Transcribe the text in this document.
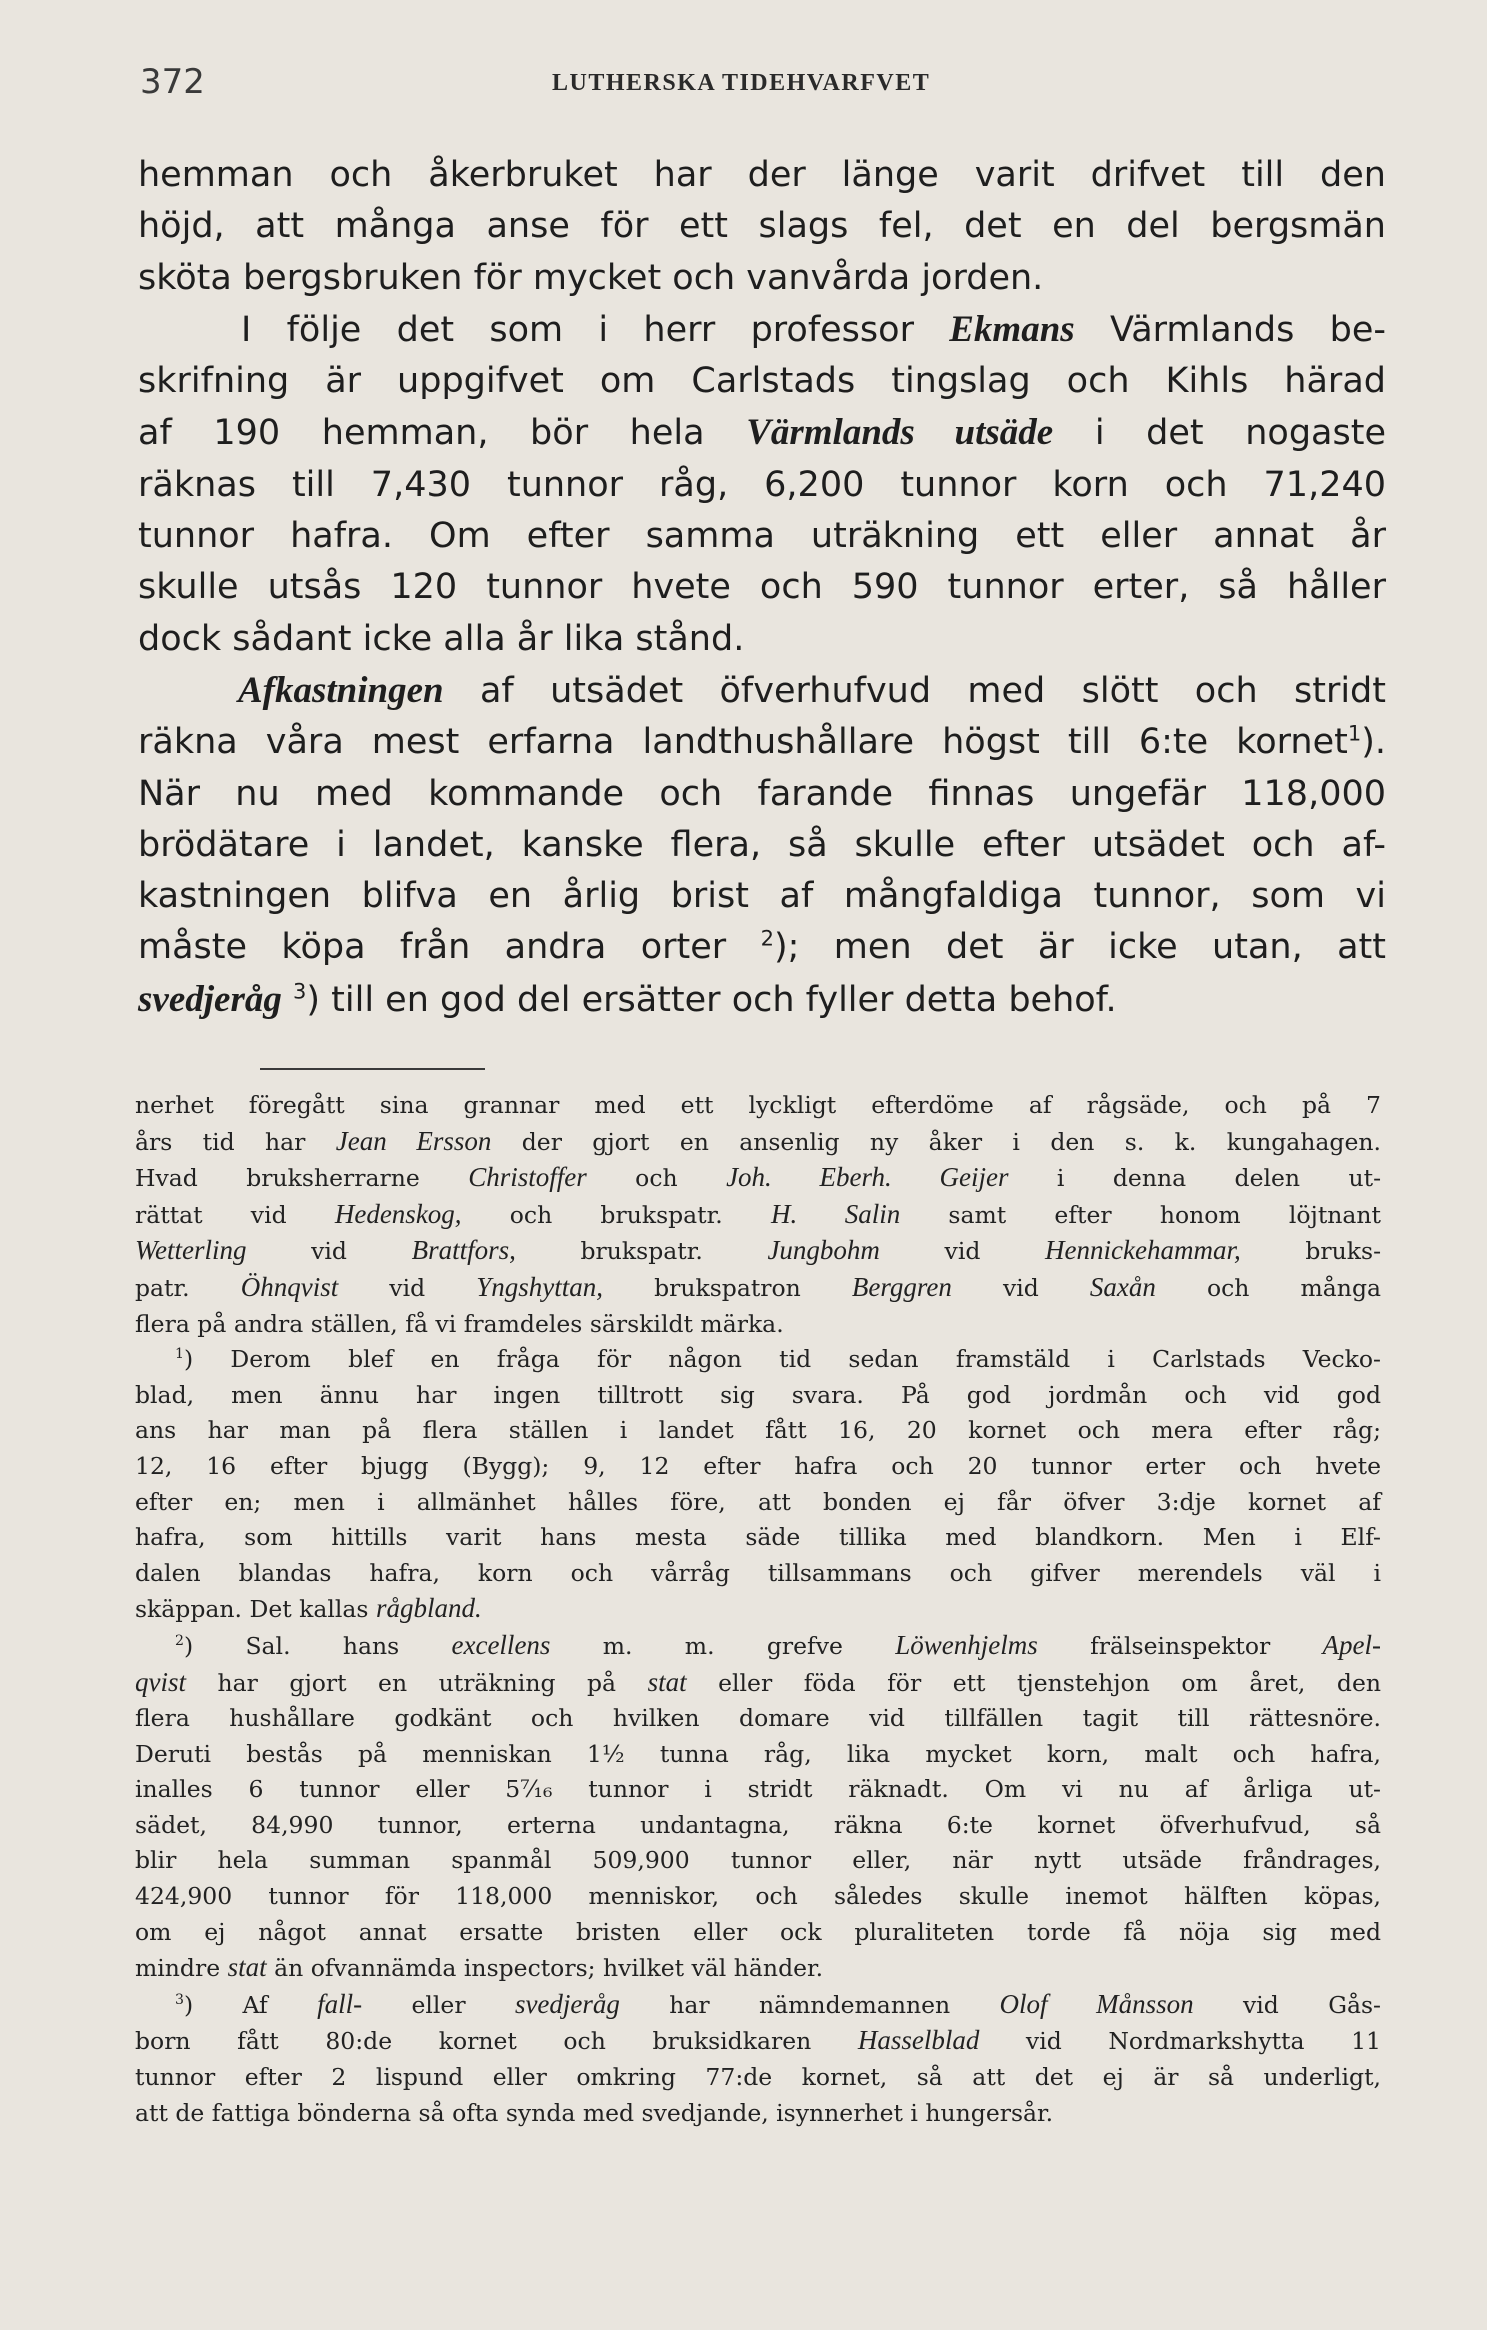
372	LUTHERSKA TIDEHVARFVET
hemman och åkerbruket har der länge varit drifvet till den
höjd, att många anse för ett slags fel, det en del bergsmän
sköta bergsbruken för mycket och vanvårda jorden.
I följe det som i herr professor Ekmans Värmlands be-
skrifning är uppgifvet om Carlstads tingslag och Kihls härad
af 190 hemman, bör hela Värmlands utsäde i det nogaste
räknas till 7,430 tunnor råg, 6,200 tunnor korn och 71,240
tunnor hafra. Om efter samma uträkning ett eller annat år
skulle utsås 120 tunnor hvete och 590 tunnor erter, så håller
dock sådant icke alla år lika stånd.
Afkastningen af utsädet öfverhufvud med slött och stridt
räkna våra mest erfarna landthushållare högst till 6:te kornet$^1$).
När nu med kommande och farande finnas ungefär 118,000
brödätare i landet, kanske flera, så skulle efter utsädet och af-
kastningen blifva en årlig brist af mångfaldiga tunnor, som vi
måste köpa från andra orter $^2$); men det är icke utan, att
svedjeråg $^3$) till en god del ersätter och fyller detta behof.
nerhet föregått sina grannar med ett lyckligt efterdöme af rågsäde, och på 7
års tid har Jean Ersson der gjort en ansenlig ny åker i den s. k. kungahagen.
Hvad bruksherrarne Christoffer och Joh. Eberh. Geijer i denna delen ut-
rättat vid Hedenskog, och brukspatr. H. Salin samt efter honom löjtnant
Wetterling vid Brattfors, brukspatr. Jungbohm vid Hennickehammar, bruks-
patr. Öhnqvist vid Yngshyttan, brukspatron Berggren vid Saxån och många
flera på andra ställen, få vi framdeles särskildt märka.
$^1$) Derom blef en fråga för någon tid sedan framstäld i Carlstads Vecko-
blad, men ännu har ingen tilltrott sig svara. På god jordmån och vid god
ans har man på flera ställen i landet fått 16, 20 kornet och mera efter råg;
12, 16 efter bjugg (Bygg); 9, 12 efter hafra och 20 tunnor erter och hvete
efter en; men i allmänhet hålles före, att bonden ej får öfver 3:dje kornet af
hafra, som hittills varit hans mesta säde tillika med blandkorn. Men i Elf-
dalen blandas hafra, korn och vårråg tillsammans och gifver merendels väl i
skäppan. Det kallas rågbland.
$^2$) Sal. hans excellens m. m. grefve Löwenhjelms frälseinspektor Apel-
qvist har gjort en uträkning på stat eller föda för ett tjenstehjon om året, den
flera hushållare godkänt och hvilken domare vid tillfällen tagit till rättesnöre.
Deruti bestås på menniskan 1½ tunna råg, lika mycket korn, malt och hafra,
inalles 6 tunnor eller 5⁷⁄₁₆ tunnor i stridt räknadt. Om vi nu af årliga ut-
sädet, 84,990 tunnor, erterna undantagna, räkna 6:te kornet öfverhufvud, så
blir hela summan spanmål 509,900 tunnor eller, när nytt utsäde fråndrages,
424,900 tunnor för 118,000 menniskor, och således skulle inemot hälften köpas,
om ej något annat ersatte bristen eller ock pluraliteten torde få nöja sig med
mindre stat än ofvannämda inspectors; hvilket väl händer.
$^3$) Af fall- eller svedjeråg har nämndemannen Olof Månsson vid Gås-
born fått 80:de kornet och bruksidkaren Hasselblad vid Nordmarkshytta 11
tunnor efter 2 lispund eller omkring 77:de kornet, så att det ej är så underligt,
att de fattiga bönderna så ofta synda med svedjande, isynnerhet i hungersår.
